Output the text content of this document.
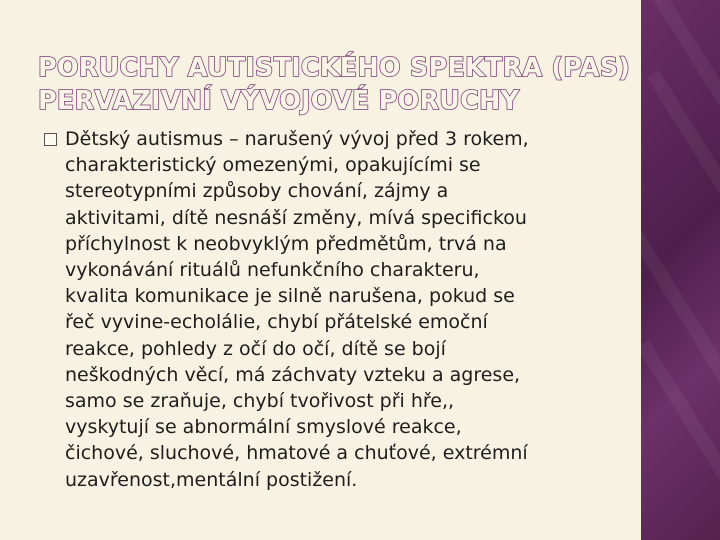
PORUCHY AUTISTICKÉHO SPEKTRA (PAS)
PERVAZIVNÍ VÝVOJOVÉ PORUCHY
Dětský autismus – narušený vývoj před 3 rokem,
charakteristický omezenými, opakujícími se
stereotypními způsoby chování, zájmy a
aktivitami, dítě nesnáší změny, mívá specifickou
příchylnost k neobvyklým předmětům, trvá na
vykonávání rituálů nefunkčního charakteru,
kvalita komunikace je silně narušena, pokud se
řeč vyvine-echolálie, chybí přátelské emoční
reakce, pohledy z očí do očí, dítě se bojí
neškodných věcí, má záchvaty vzteku a agrese,
samo se zraňuje, chybí tvořivost při hře,,
vyskytují se abnormální smyslové reakce,
čichové, sluchové, hmatové a chuťové, extrémní
uzavřenost,mentální postižení.
